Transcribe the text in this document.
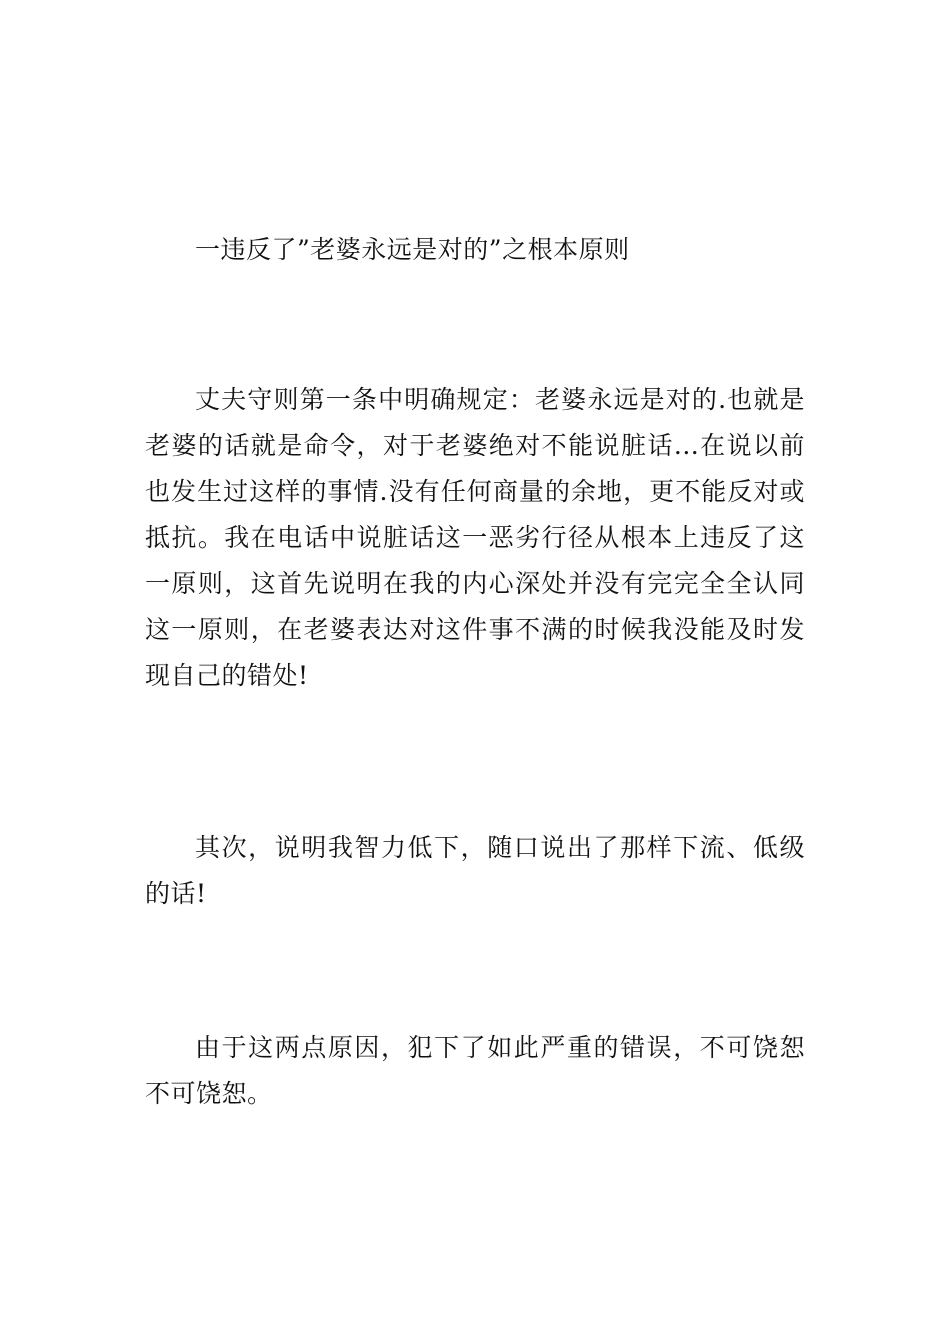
一违反了”老婆永远是对的”之根本原则

丈夫守则第一条中明确规定：老婆永远是对的.也就是老婆的话就是命令，对于老婆绝对不能说脏话...在说以前也发生过这样的事情.没有任何商量的余地，更不能反对或抵抗。我在电话中说脏话这一恶劣行径从根本上违反了这一原则，这首先说明在我的内心深处并没有完完全全认同这一原则，在老婆表达对这件事不满的时候我没能及时发现自己的错处!

其次，说明我智力低下，随口说出了那样下流、低级的话!

由于这两点原因，犯下了如此严重的错误，不可饶恕不可饶恕。
